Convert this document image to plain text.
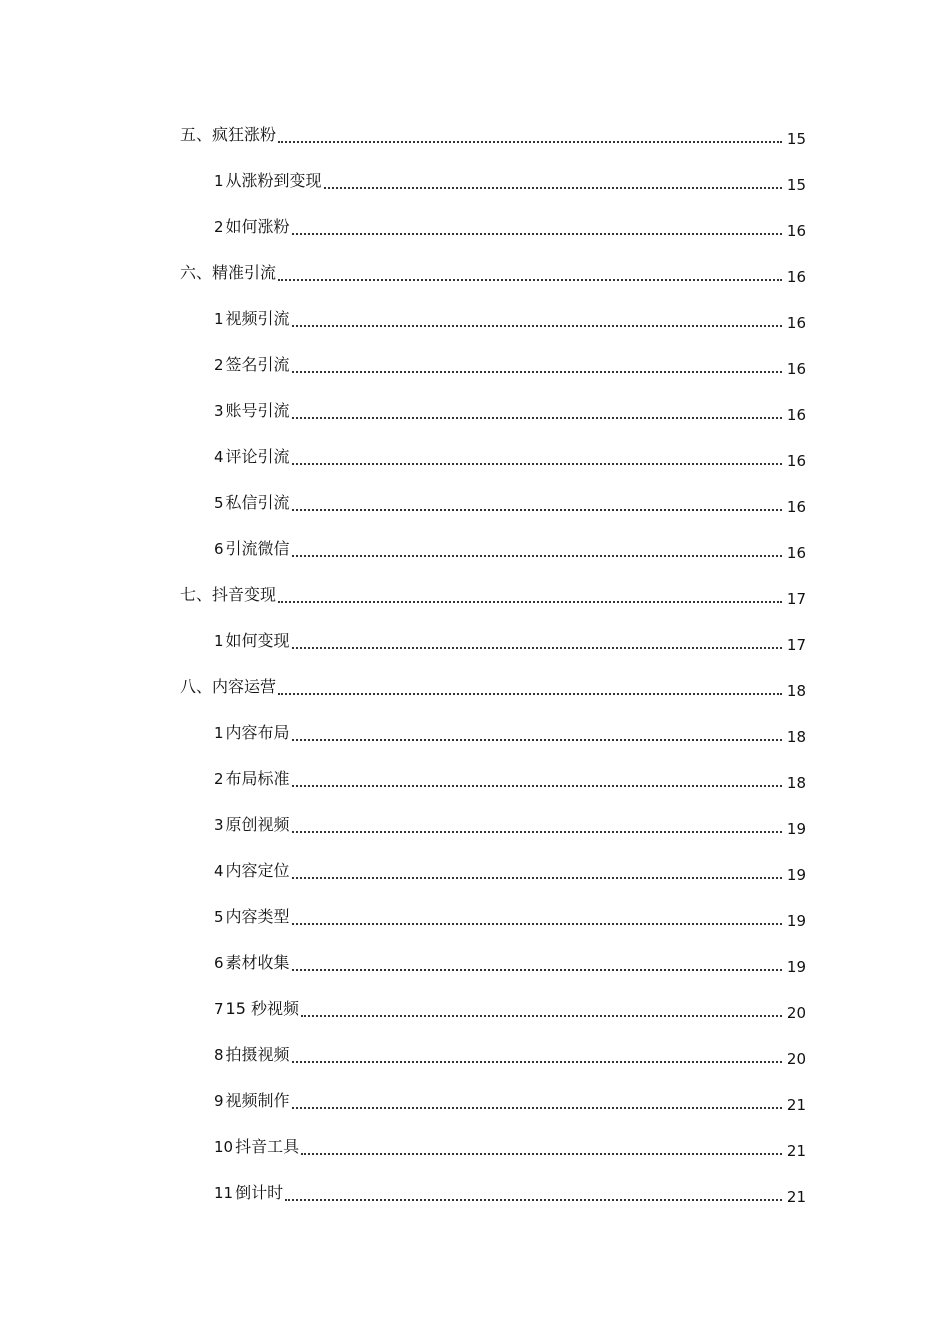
五、疯狂涨粉	15
1 从涨粉到变现	15
2 如何涨粉	16
六、精准引流	16
1 视频引流	16
2 签名引流	16
3 账号引流	16
4 评论引流	16
5 私信引流	16
6 引流微信	16
七、抖音变现	17
1 如何变现	17
八、内容运营	18
1 内容布局	18
2 布局标准	18
3 原创视频	19
4 内容定位	19
5 内容类型	19
6 素材收集	19
7 15 秒视频	20
8 拍摄视频	20
9 视频制作	21
10 抖音工具	21
11 倒计时	21
